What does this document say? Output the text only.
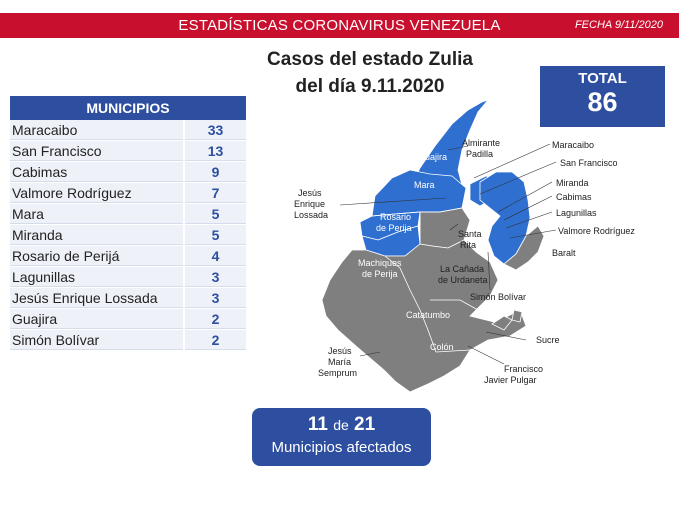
ESTADÍSTICAS CORONAVIRUS VENEZUELA	FECHA 9/11/2020
Casos del estado Zulia
del día 9.11.2020	TOTAL
86
MUNICIPIOS
Maracaibo	33
San Francisco	13
Cabimas	9
Valmore Rodríguez	7
Mara	5
Miranda	5
Rosario de Perijá	4
Lagunillas	3
Jesús Enrique Lossada	3
Guajira	2
Simón Bolívar	2
Guajira
Almirante
Padilla
Maracaibo
San Francisco
Mara	Miranda
Cabimas
Lagunillas
Valmore Rodríguez
Jesús
Enrique
Lossada	Rosario
de Perija
Santa
Rita
Baralt
Machiques
de Perija	La Cañada
de Urdaneta
Simón Bolívar
Catatumbo
Sucre
Jesús
María
Semprum
Colón
Francisco
Javier Pulgar
11 de 21
Municipios afectados
